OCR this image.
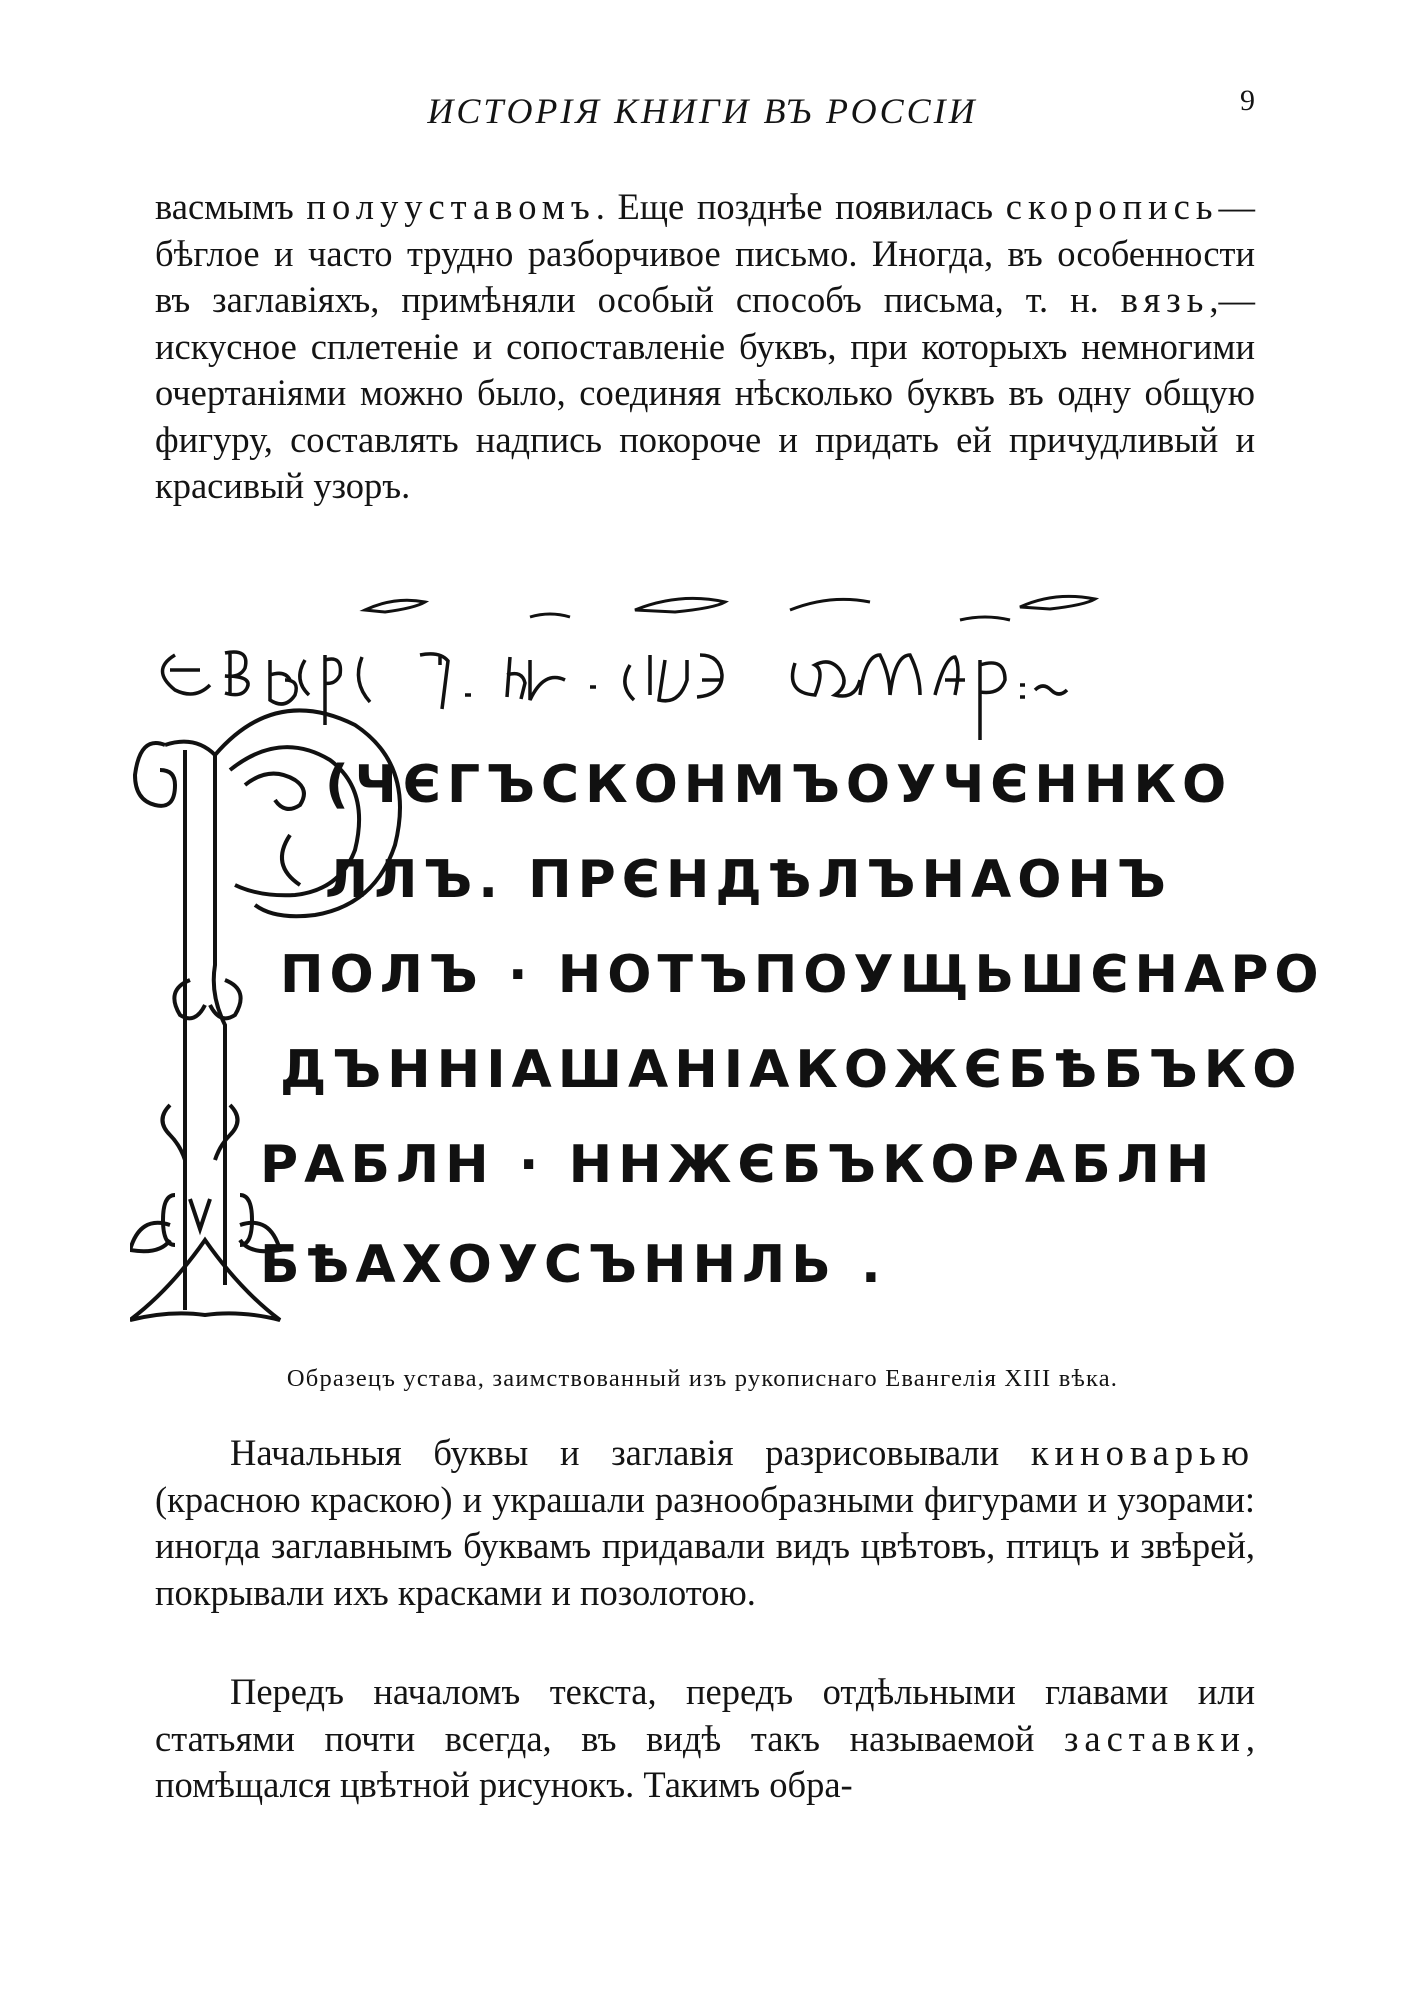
ИСТОРІЯ КНИГИ ВЪ РОССІИ	9

васмымъ полууставомъ. Еще позднѣе появилась скоропись—бѣглое и часто трудно разборчивое письмо. Иногда, въ особенности въ заглавіяхъ, примѣняли особый способъ письма, т. н. вязь,—искусное сплетеніе и сопоставленіе буквъ, при которыхъ немногими очертаніями можно было, соединяя нѣсколько буквъ въ одну общую фигуру, составлять надпись покороче и придать ей причудливый и красивый узоръ.

(ЧЄГЪСКОНМЪОУЧЄННКО
ЛЛЪ. ПРЄНДѢЛЪНАОНЪ
ПОЛЪ · НОТЪПОУЩЬШЄНАРО
ДЪННІАШАНІАКОЖЄБѢБЪКО
РАБЛН · ННЖЄБЪКОРАБЛН
БѢАХОУСЪННЛЬ .
Образецъ устава, заимствованный изъ рукописнаго Евангелія XIII вѣка.

Начальныя буквы и заглавія разрисовывали киноварью (красною краскою) и украшали разнообразными фигурами и узорами: иногда заглавнымъ буквамъ придавали видъ цвѣтовъ, птицъ и звѣрей, покрывали ихъ красками и позолотою.

Передъ началомъ текста, передъ отдѣльными главами или статьями почти всегда, въ видѣ такъ называемой заставки, помѣщался цвѣтной рисунокъ. Такимъ обра-
